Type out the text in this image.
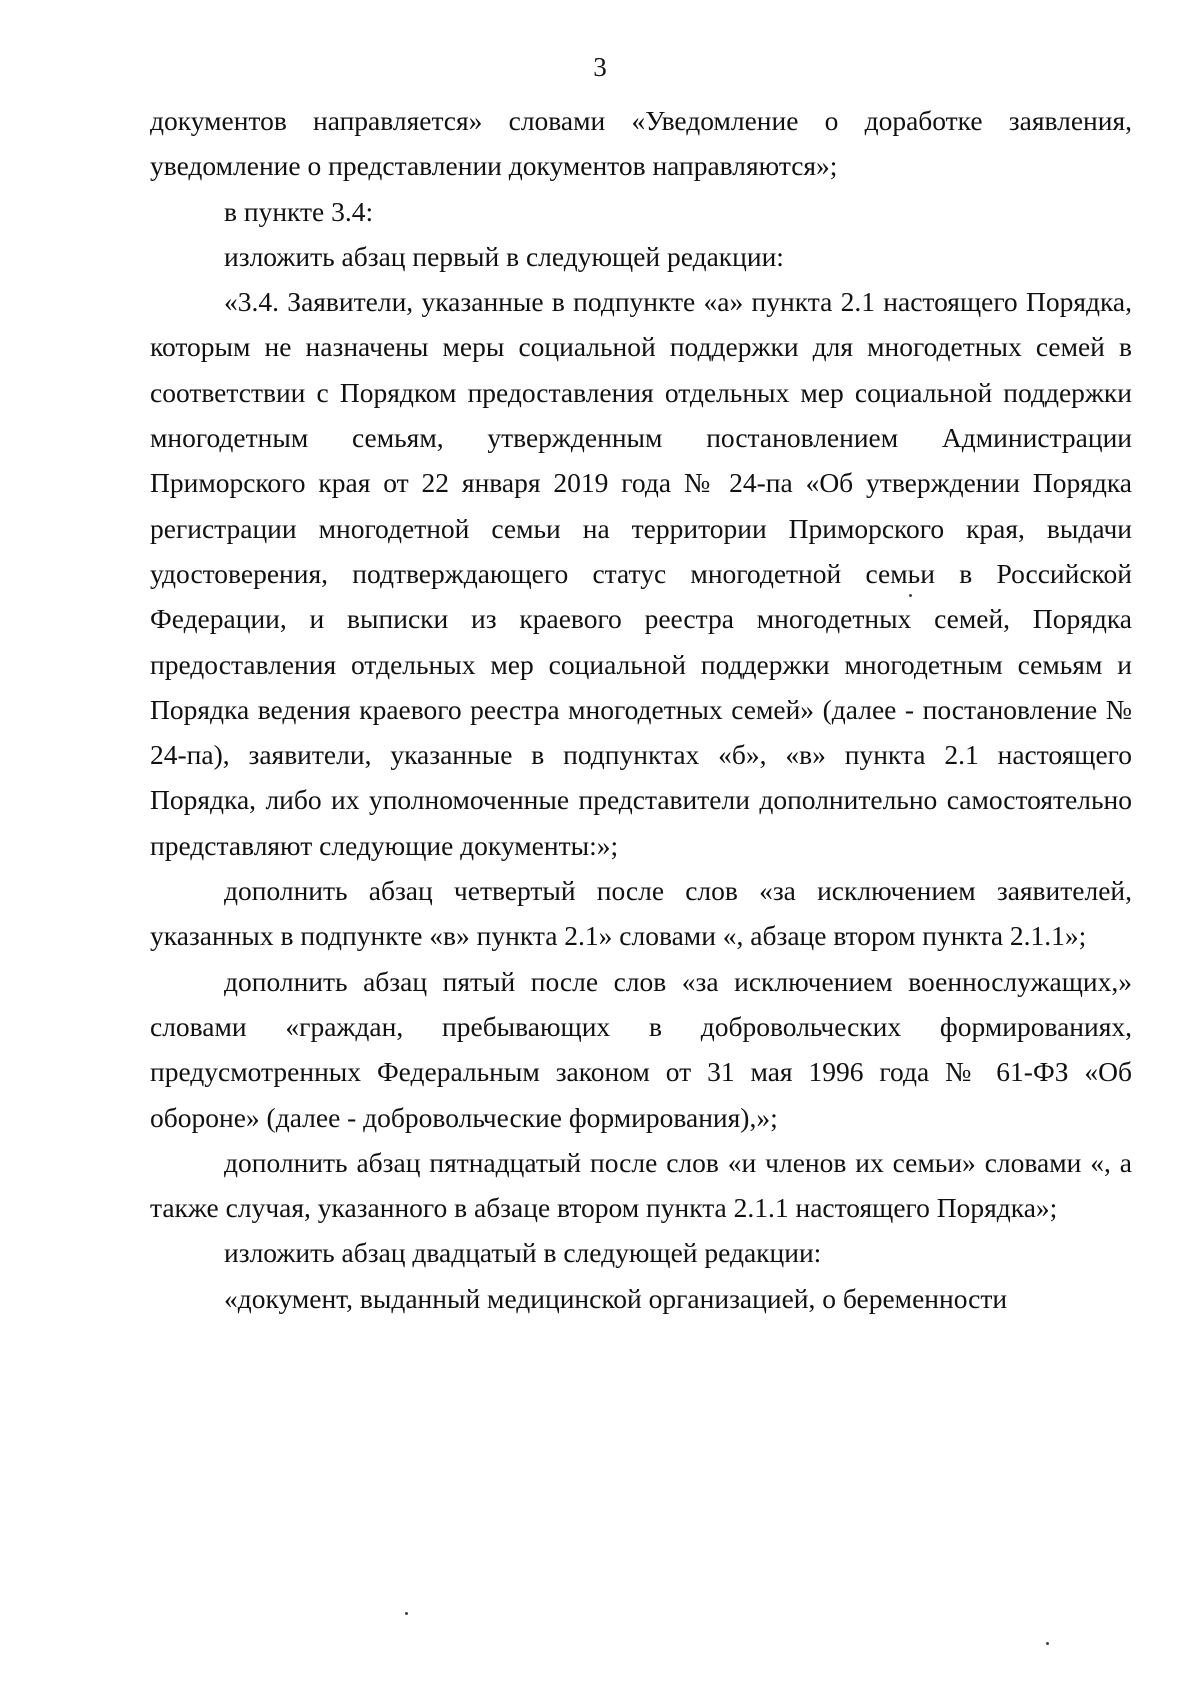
3

документов направляется» словами «Уведомление о доработке заявления, уведомление о представлении документов направляются»;

в пункте 3.4:

изложить абзац первый в следующей редакции:

«3.4. Заявители, указанные в подпункте «а» пункта 2.1 настоящего Порядка, которым не назначены меры социальной поддержки для многодетных семей в соответствии с Порядком предоставления отдельных мер социальной поддержки многодетным семьям, утвержденным постановлением Администрации Приморского края от 22 января 2019 года № 24-па «Об утверждении Порядка регистрации многодетной семьи на территории Приморского края, выдачи удостоверения, подтверждающего статус многодетной семьи в Российской Федерации, и выписки из краевого реестра многодетных семей, Порядка предоставления отдельных мер социальной поддержки многодетным семьям и Порядка ведения краевого реестра многодетных семей» (далее - постановление № 24-па), заявители, указанные в подпунктах «б», «в» пункта 2.1 настоящего Порядка, либо их уполномоченные представители дополнительно самостоятельно представляют следующие документы:»;

дополнить абзац четвертый после слов «за исключением заявителей, указанных в подпункте «в» пункта 2.1» словами «, абзаце втором пункта 2.1.1»;

дополнить абзац пятый после слов «за исключением военнослужащих,» словами «граждан, пребывающих в добровольческих формированиях, предусмотренных Федеральным законом от 31 мая 1996 года № 61-ФЗ «Об обороне» (далее - добровольческие формирования),»;

дополнить абзац пятнадцатый после слов «и членов их семьи» словами «, а также случая, указанного в абзаце втором пункта 2.1.1 настоящего Порядка»;

изложить абзац двадцатый в следующей редакции:

«документ, выданный медицинской организацией, о беременности
